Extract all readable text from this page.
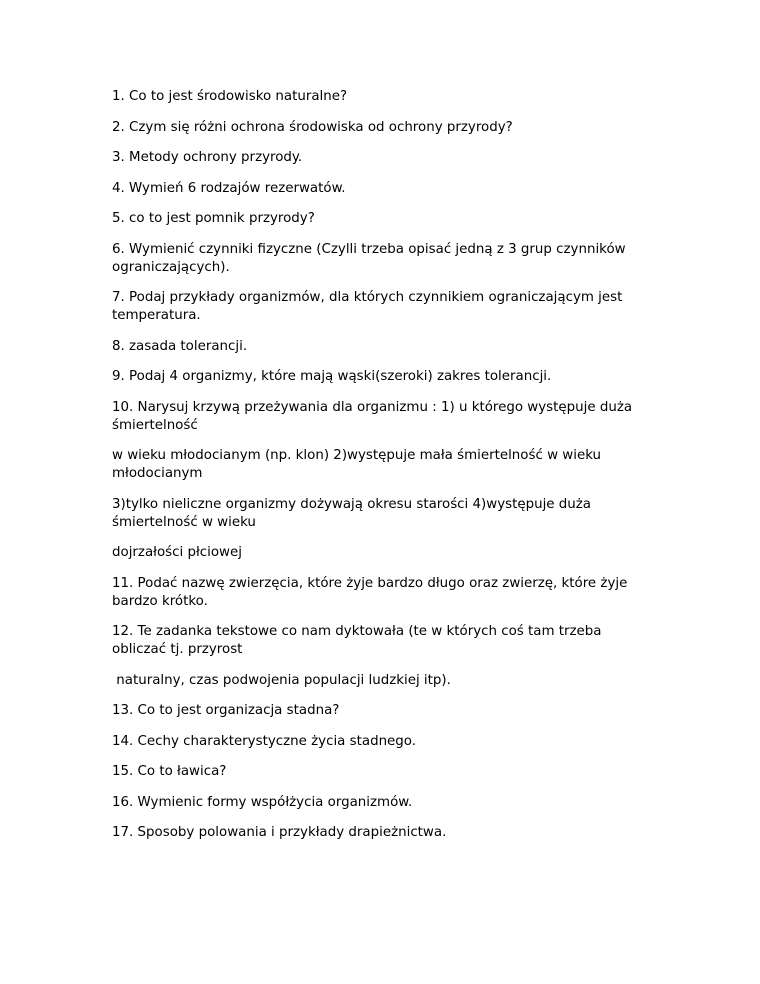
1. Co to jest środowisko naturalne?

2. Czym się różni ochrona środowiska od ochrony przyrody?

3. Metody ochrony przyrody.

4. Wymień 6 rodzajów rezerwatów.

5. co to jest pomnik przyrody?

6. Wymienić czynniki fizyczne (Czylli trzeba opisać jedną z 3 grup czynników ograniczających).

7. Podaj przykłady organizmów, dla których czynnikiem ograniczającym jest temperatura.

8. zasada tolerancji.

9. Podaj 4 organizmy, które mają wąski(szeroki) zakres tolerancji.

10. Narysuj krzywą przeżywania dla organizmu : 1) u którego występuje duża śmiertelność

w wieku młodocianym (np. klon) 2)występuje mała śmiertelność w wieku młodocianym

3)tylko nieliczne organizmy dożywają okresu starości 4)występuje duża śmiertelność w wieku

dojrzałości płciowej

11. Podać nazwę zwierzęcia, które żyje bardzo długo oraz zwierzę, które żyje bardzo krótko.

12. Te zadanka tekstowe co nam dyktowała (te w których coś tam trzeba obliczać tj. przyrost

naturalny, czas podwojenia populacji ludzkiej itp).

13. Co to jest organizacja stadna?

14. Cechy charakterystyczne życia stadnego.

15. Co to ławica?

16. Wymienic formy współżycia organizmów.

17. Sposoby polowania i przykłady drapieżnictwa.
